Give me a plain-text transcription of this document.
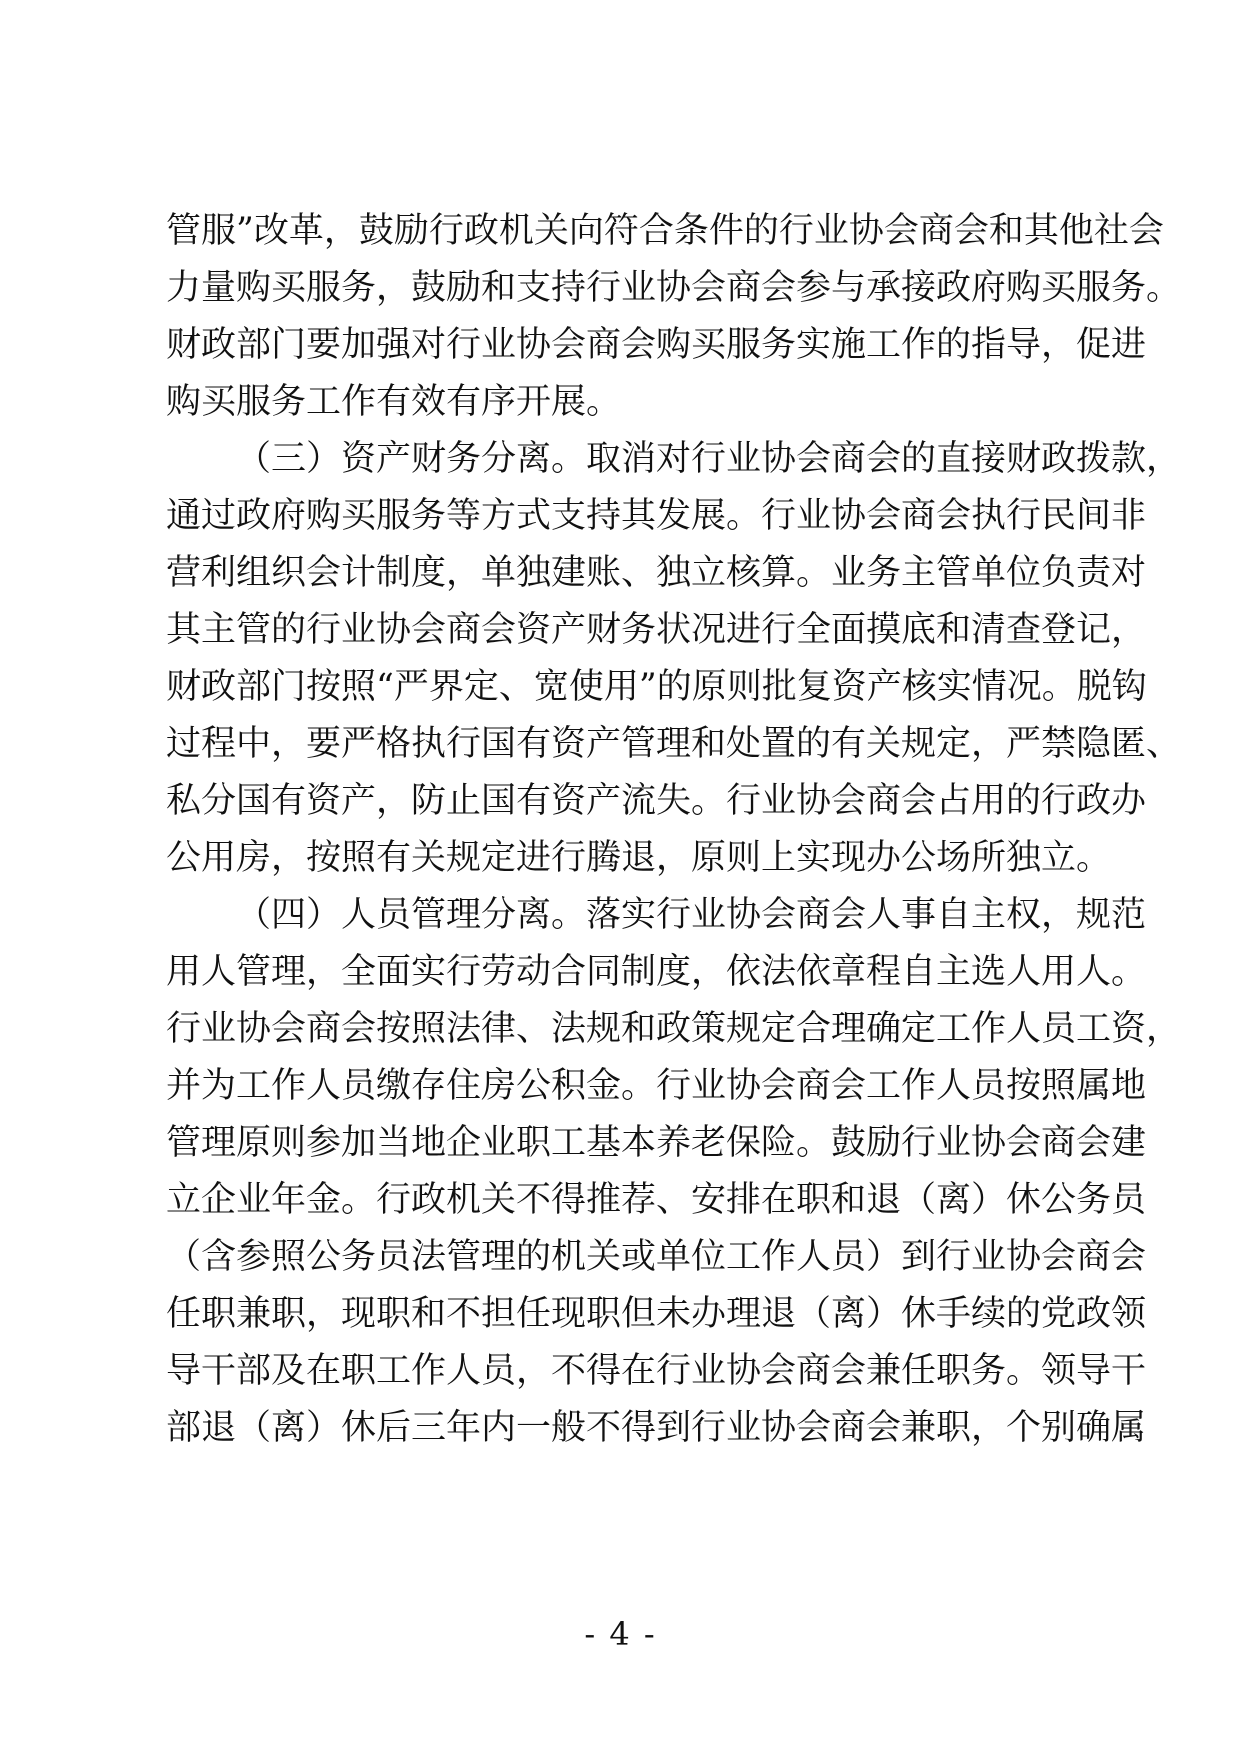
管服”改革，鼓励行政机关向符合条件的行业协会商会和其他社会
力量购买服务，鼓励和支持行业协会商会参与承接政府购买服务。
财政部门要加强对行业协会商会购买服务实施工作的指导，促进
购买服务工作有效有序开展。
（三）资产财务分离。取消对行业协会商会的直接财政拨款，
通过政府购买服务等方式支持其发展。行业协会商会执行民间非
营利组织会计制度，单独建账、独立核算。业务主管单位负责对
其主管的行业协会商会资产财务状况进行全面摸底和清查登记，
财政部门按照“严界定、宽使用”的原则批复资产核实情况。脱钩
过程中，要严格执行国有资产管理和处置的有关规定，严禁隐匿、
私分国有资产，防止国有资产流失。行业协会商会占用的行政办
公用房，按照有关规定进行腾退，原则上实现办公场所独立。
（四）人员管理分离。落实行业协会商会人事自主权，规范
用人管理，全面实行劳动合同制度，依法依章程自主选人用人。
行业协会商会按照法律、法规和政策规定合理确定工作人员工资，
并为工作人员缴存住房公积金。行业协会商会工作人员按照属地
管理原则参加当地企业职工基本养老保险。鼓励行业协会商会建
立企业年金。行政机关不得推荐、安排在职和退（离）休公务员
（含参照公务员法管理的机关或单位工作人员）到行业协会商会
任职兼职，现职和不担任现职但未办理退（离）休手续的党政领
导干部及在职工作人员，不得在行业协会商会兼任职务。领导干
部退（离）休后三年内一般不得到行业协会商会兼职，个别确属
- 4 -
